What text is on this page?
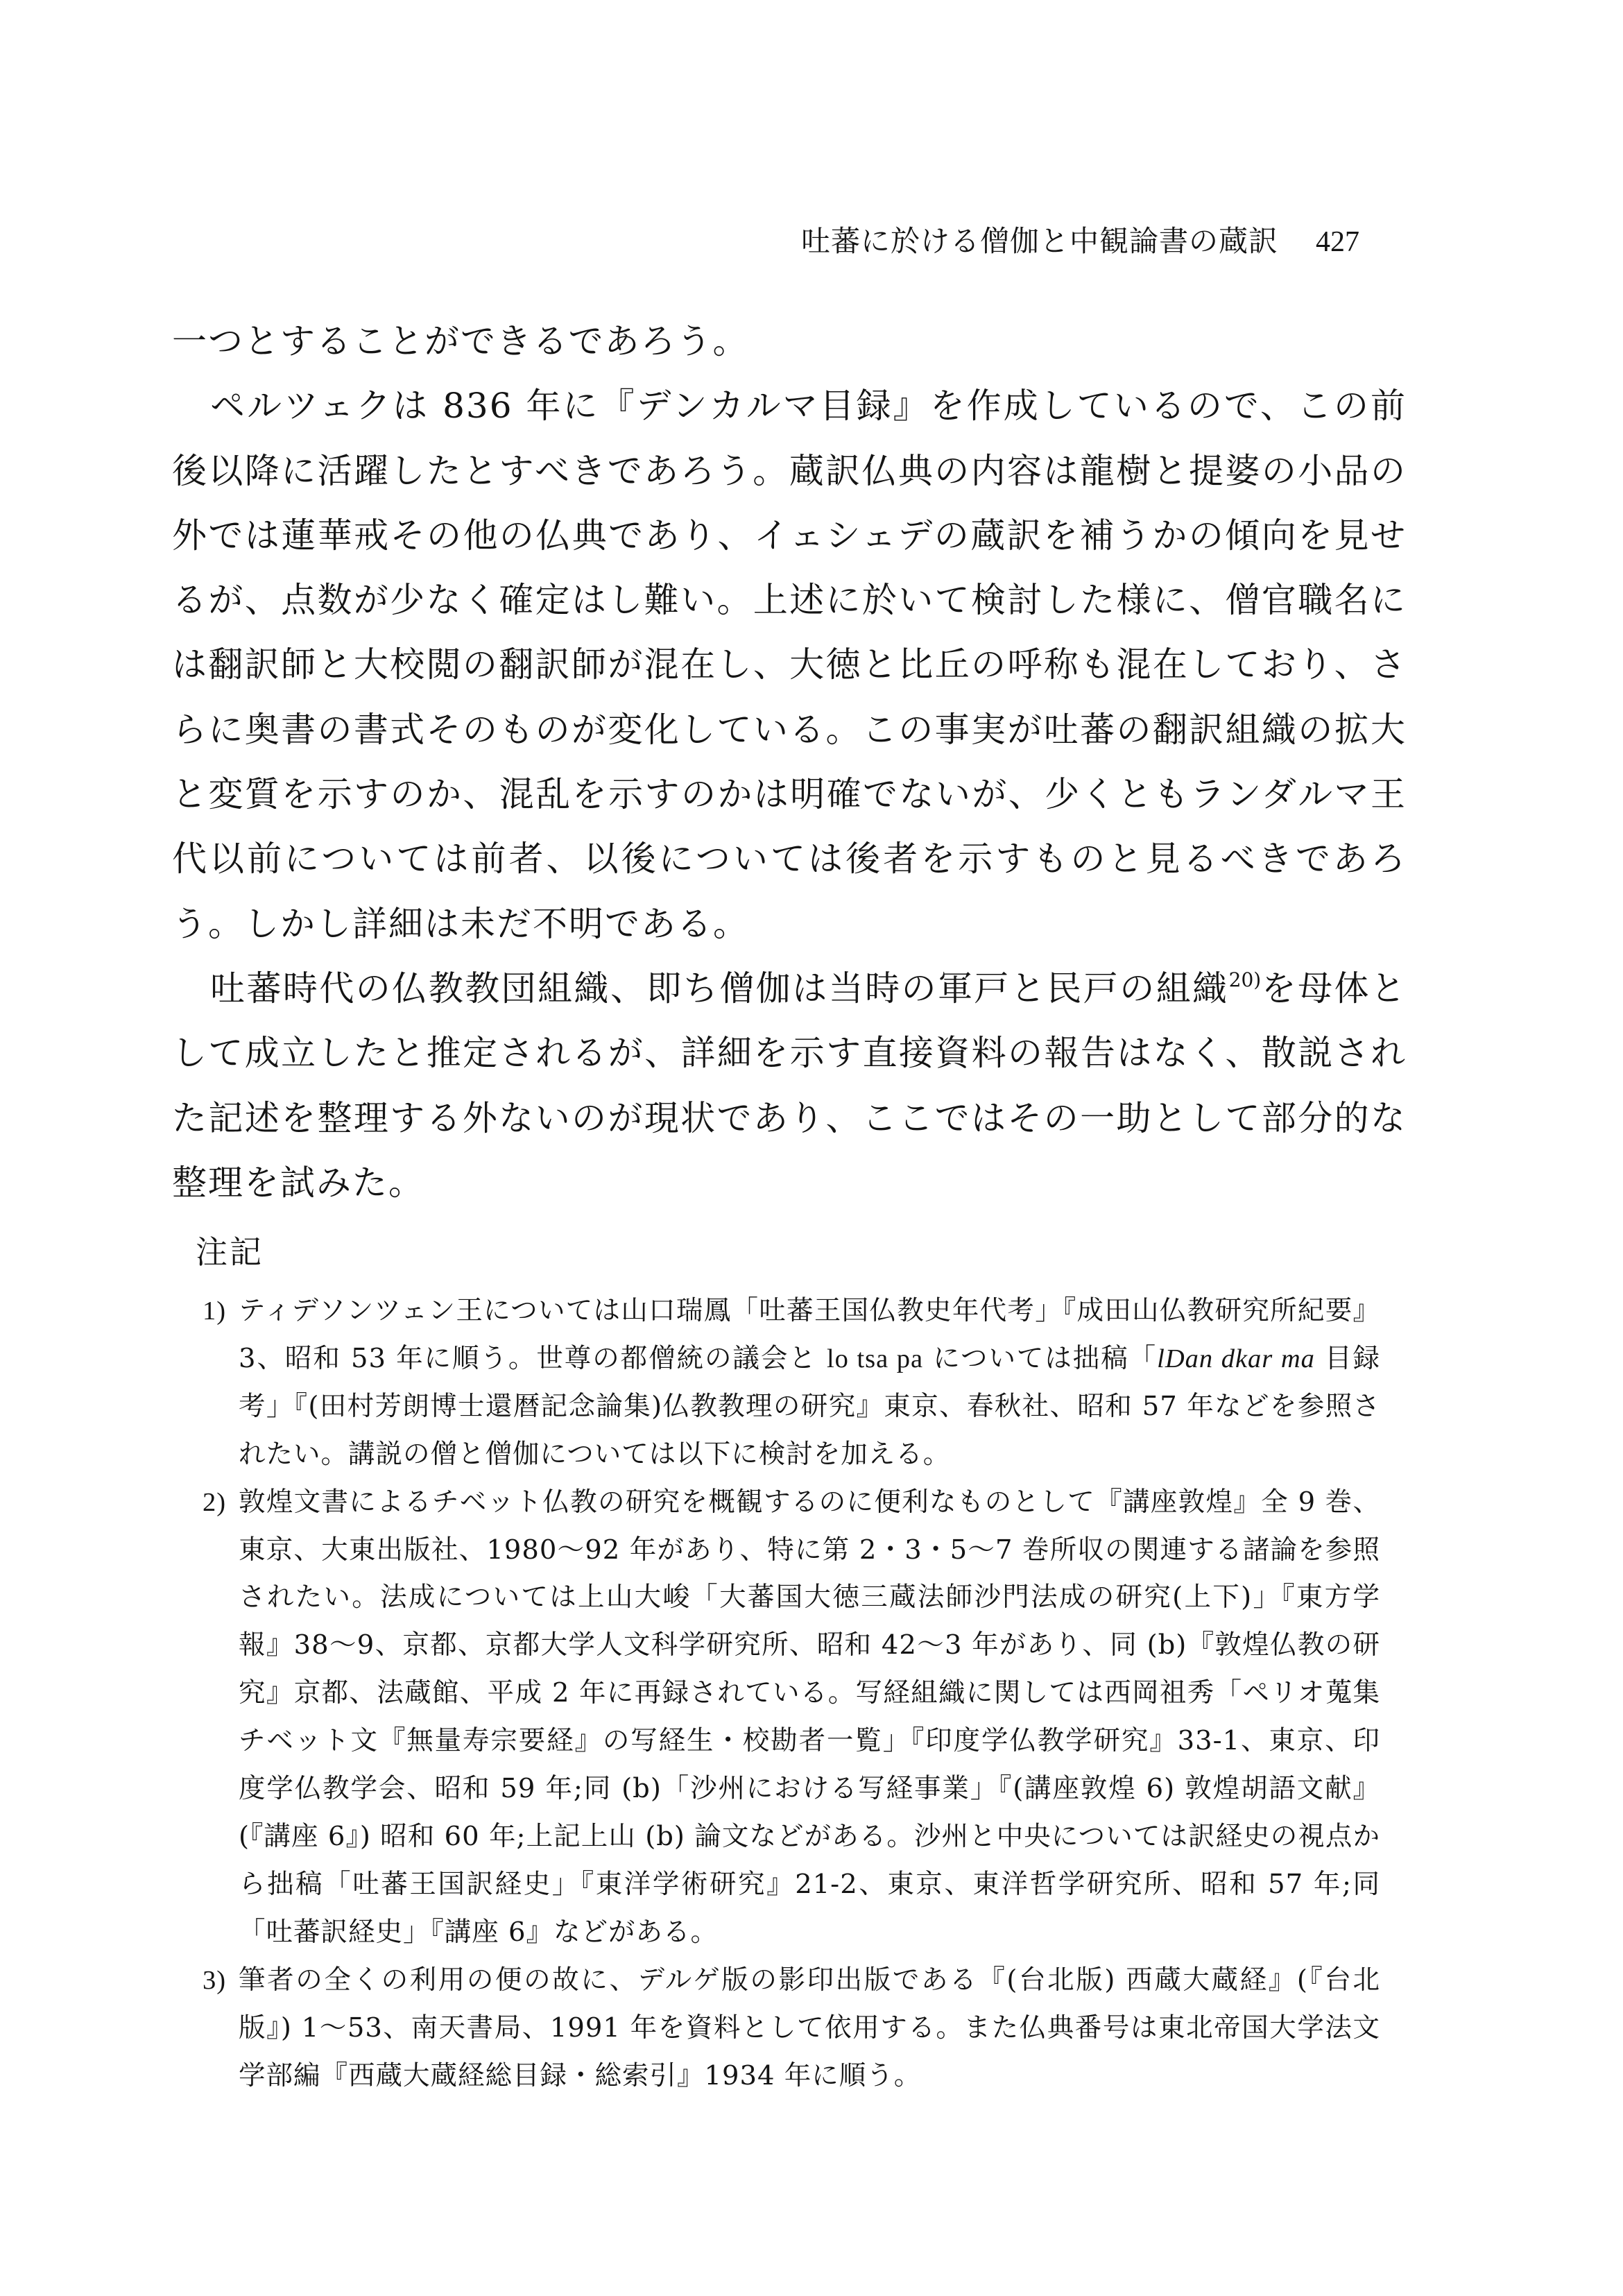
吐蕃に於ける僧伽と中観論書の蔵訳 427

一つとすることができるであろう。

ペルツェクは 836 年に『デンカルマ目録』を作成しているので、この前後以降に活躍したとすべきであろう。蔵訳仏典の内容は龍樹と提婆の小品の外では蓮華戒その他の仏典であり、イェシェデの蔵訳を補うかの傾向を見せるが、点数が少なく確定はし難い。上述に於いて検討した様に、僧官職名には翻訳師と大校閲の翻訳師が混在し、大徳と比丘の呼称も混在しており、さらに奥書の書式そのものが変化している。この事実が吐蕃の翻訳組織の拡大と変質を示すのか、混乱を示すのかは明確でないが、少くともランダルマ王代以前については前者、以後については後者を示すものと見るべきであろう。しかし詳細は未だ不明である。

吐蕃時代の仏教教団組織、即ち僧伽は当時の軍戸と民戸の組織$^{20)}$を母体として成立したと推定されるが、詳細を示す直接資料の報告はなく、散説された記述を整理する外ないのが現状であり、ここではその一助として部分的な整理を試みた。

注記
1) ティデソンツェン王については山口瑞鳳「吐蕃王国仏教史年代考」『成田山仏教研究所紀要』3、昭和 53 年に順う。世尊の都僧統の議会と lo tsa pa については拙稿「lDan dkar ma 目録考」『(田村芳朗博士還暦記念論集)仏教教理の研究』東京、春秋社、昭和 57 年などを参照されたい。講説の僧と僧伽については以下に検討を加える。
2) 敦煌文書によるチベット仏教の研究を概観するのに便利なものとして『講座敦煌』全 9 巻、東京、大東出版社、1980～92 年があり、特に第 2・3・5～7 巻所収の関連する諸論を参照されたい。法成については上山大峻「大蕃国大徳三蔵法師沙門法成の研究(上下)」『東方学報』38～9、京都、京都大学人文科学研究所、昭和 42～3 年があり、同 (b)『敦煌仏教の研究』京都、法蔵館、平成 2 年に再録されている。写経組織に関しては西岡祖秀「ペリオ蒐集チベット文『無量寿宗要経』の写経生・校勘者一覧」『印度学仏教学研究』33-1、東京、印度学仏教学会、昭和 59 年;同 (b)「沙州における写経事業」『(講座敦煌 6) 敦煌胡語文献』(『講座 6』) 昭和 60 年;上記上山 (b) 論文などがある。沙州と中央については訳経史の視点から拙稿「吐蕃王国訳経史」『東洋学術研究』21-2、東京、東洋哲学研究所、昭和 57 年;同「吐蕃訳経史」『講座 6』などがある。
3) 筆者の全くの利用の便の故に、デルゲ版の影印出版である『(台北版) 西蔵大蔵経』(『台北版』) 1～53、南天書局、1991 年を資料として依用する。また仏典番号は東北帝国大学法文学部編『西蔵大蔵経総目録・総索引』1934 年に順う。
